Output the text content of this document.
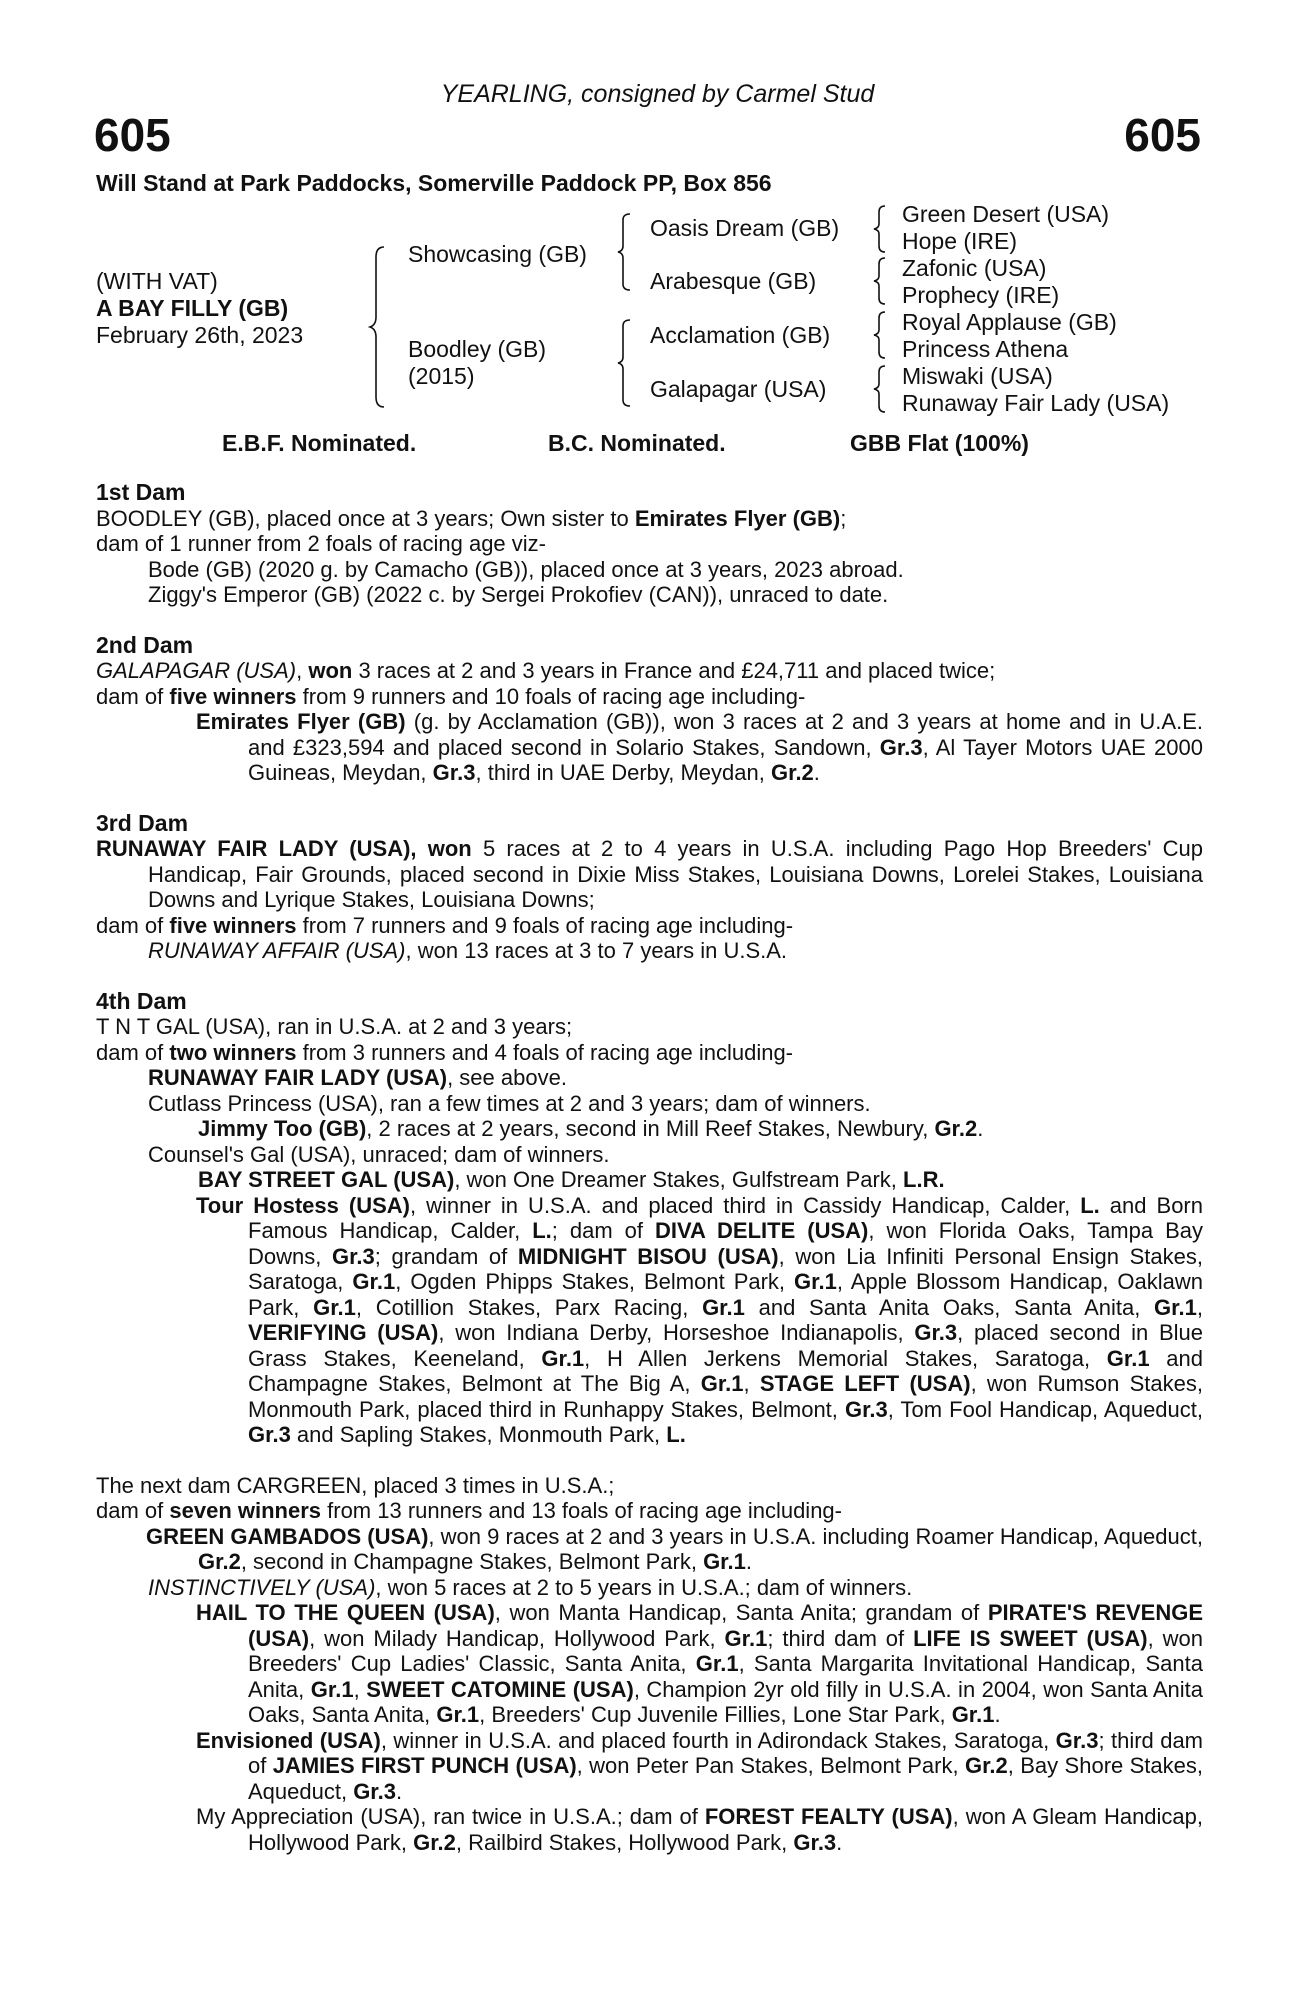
YEARLING, consigned by Carmel Stud
605	605
Will Stand at Park Paddocks, Somerville Paddock PP, Box 856
(WITH VAT)
A BAY FILLY (GB)
February 26th, 2023
Showcasing (GB)
Boodley (GB)
(2015)
Oasis Dream (GB)
Arabesque (GB)
Acclamation (GB)
Galapagar (USA)
Green Desert (USA)
Hope (IRE)
Zafonic (USA)
Prophecy (IRE)
Royal Applause (GB)
Princess Athena
Miswaki (USA)
Runaway Fair Lady (USA)
E.B.F. Nominated.	B.C. Nominated.	GBB Flat (100%)
1st Dam
BOODLEY (GB), placed once at 3 years; Own sister to Emirates Flyer (GB);
dam of 1 runner from 2 foals of racing age viz-
Bode (GB) (2020 g. by Camacho (GB)), placed once at 3 years, 2023 abroad.
Ziggy's Emperor (GB) (2022 c. by Sergei Prokofiev (CAN)), unraced to date.
2nd Dam
GALAPAGAR (USA), won 3 races at 2 and 3 years in France and £24,711 and placed twice;
dam of five winners from 9 runners and 10 foals of racing age including-
Emirates Flyer (GB) (g. by Acclamation (GB)), won 3 races at 2 and 3 years at home and in U.A.E. and £323,594 and placed second in Solario Stakes, Sandown, Gr.3, Al Tayer Motors UAE 2000 Guineas, Meydan, Gr.3, third in UAE Derby, Meydan, Gr.2.
3rd Dam
RUNAWAY FAIR LADY (USA), won 5 races at 2 to 4 years in U.S.A. including Pago Hop Breeders' Cup Handicap, Fair Grounds, placed second in Dixie Miss Stakes, Louisiana Downs, Lorelei Stakes, Louisiana Downs and Lyrique Stakes, Louisiana Downs;
dam of five winners from 7 runners and 9 foals of racing age including-
RUNAWAY AFFAIR (USA), won 13 races at 3 to 7 years in U.S.A.
4th Dam
T N T GAL (USA), ran in U.S.A. at 2 and 3 years;
dam of two winners from 3 runners and 4 foals of racing age including-
RUNAWAY FAIR LADY (USA), see above.
Cutlass Princess (USA), ran a few times at 2 and 3 years; dam of winners.
Jimmy Too (GB), 2 races at 2 years, second in Mill Reef Stakes, Newbury, Gr.2.
Counsel's Gal (USA), unraced; dam of winners.
BAY STREET GAL (USA), won One Dreamer Stakes, Gulfstream Park, L.R.
Tour Hostess (USA), winner in U.S.A. and placed third in Cassidy Handicap, Calder, L. and Born Famous Handicap, Calder, L.; dam of DIVA DELITE (USA), won Florida Oaks, Tampa Bay Downs, Gr.3; grandam of MIDNIGHT BISOU (USA), won Lia Infiniti Personal Ensign Stakes, Saratoga, Gr.1, Ogden Phipps Stakes, Belmont Park, Gr.1, Apple Blossom Handicap, Oaklawn Park, Gr.1, Cotillion Stakes, Parx Racing, Gr.1 and Santa Anita Oaks, Santa Anita, Gr.1, VERIFYING (USA), won Indiana Derby, Horseshoe Indianapolis, Gr.3, placed second in Blue Grass Stakes, Keeneland, Gr.1, H Allen Jerkens Memorial Stakes, Saratoga, Gr.1 and Champagne Stakes, Belmont at The Big A, Gr.1, STAGE LEFT (USA), won Rumson Stakes, Monmouth Park, placed third in Runhappy Stakes, Belmont, Gr.3, Tom Fool Handicap, Aqueduct, Gr.3 and Sapling Stakes, Monmouth Park, L.
The next dam CARGREEN, placed 3 times in U.S.A.;
dam of seven winners from 13 runners and 13 foals of racing age including-
GREEN GAMBADOS (USA), won 9 races at 2 and 3 years in U.S.A. including Roamer Handicap, Aqueduct, Gr.2, second in Champagne Stakes, Belmont Park, Gr.1.
INSTINCTIVELY (USA), won 5 races at 2 to 5 years in U.S.A.; dam of winners.
HAIL TO THE QUEEN (USA), won Manta Handicap, Santa Anita; grandam of PIRATE'S REVENGE (USA), won Milady Handicap, Hollywood Park, Gr.1; third dam of LIFE IS SWEET (USA), won Breeders' Cup Ladies' Classic, Santa Anita, Gr.1, Santa Margarita Invitational Handicap, Santa Anita, Gr.1, SWEET CATOMINE (USA), Champion 2yr old filly in U.S.A. in 2004, won Santa Anita Oaks, Santa Anita, Gr.1, Breeders' Cup Juvenile Fillies, Lone Star Park, Gr.1.
Envisioned (USA), winner in U.S.A. and placed fourth in Adirondack Stakes, Saratoga, Gr.3; third dam of JAMIES FIRST PUNCH (USA), won Peter Pan Stakes, Belmont Park, Gr.2, Bay Shore Stakes, Aqueduct, Gr.3.
My Appreciation (USA), ran twice in U.S.A.; dam of FOREST FEALTY (USA), won A Gleam Handicap, Hollywood Park, Gr.2, Railbird Stakes, Hollywood Park, Gr.3.
